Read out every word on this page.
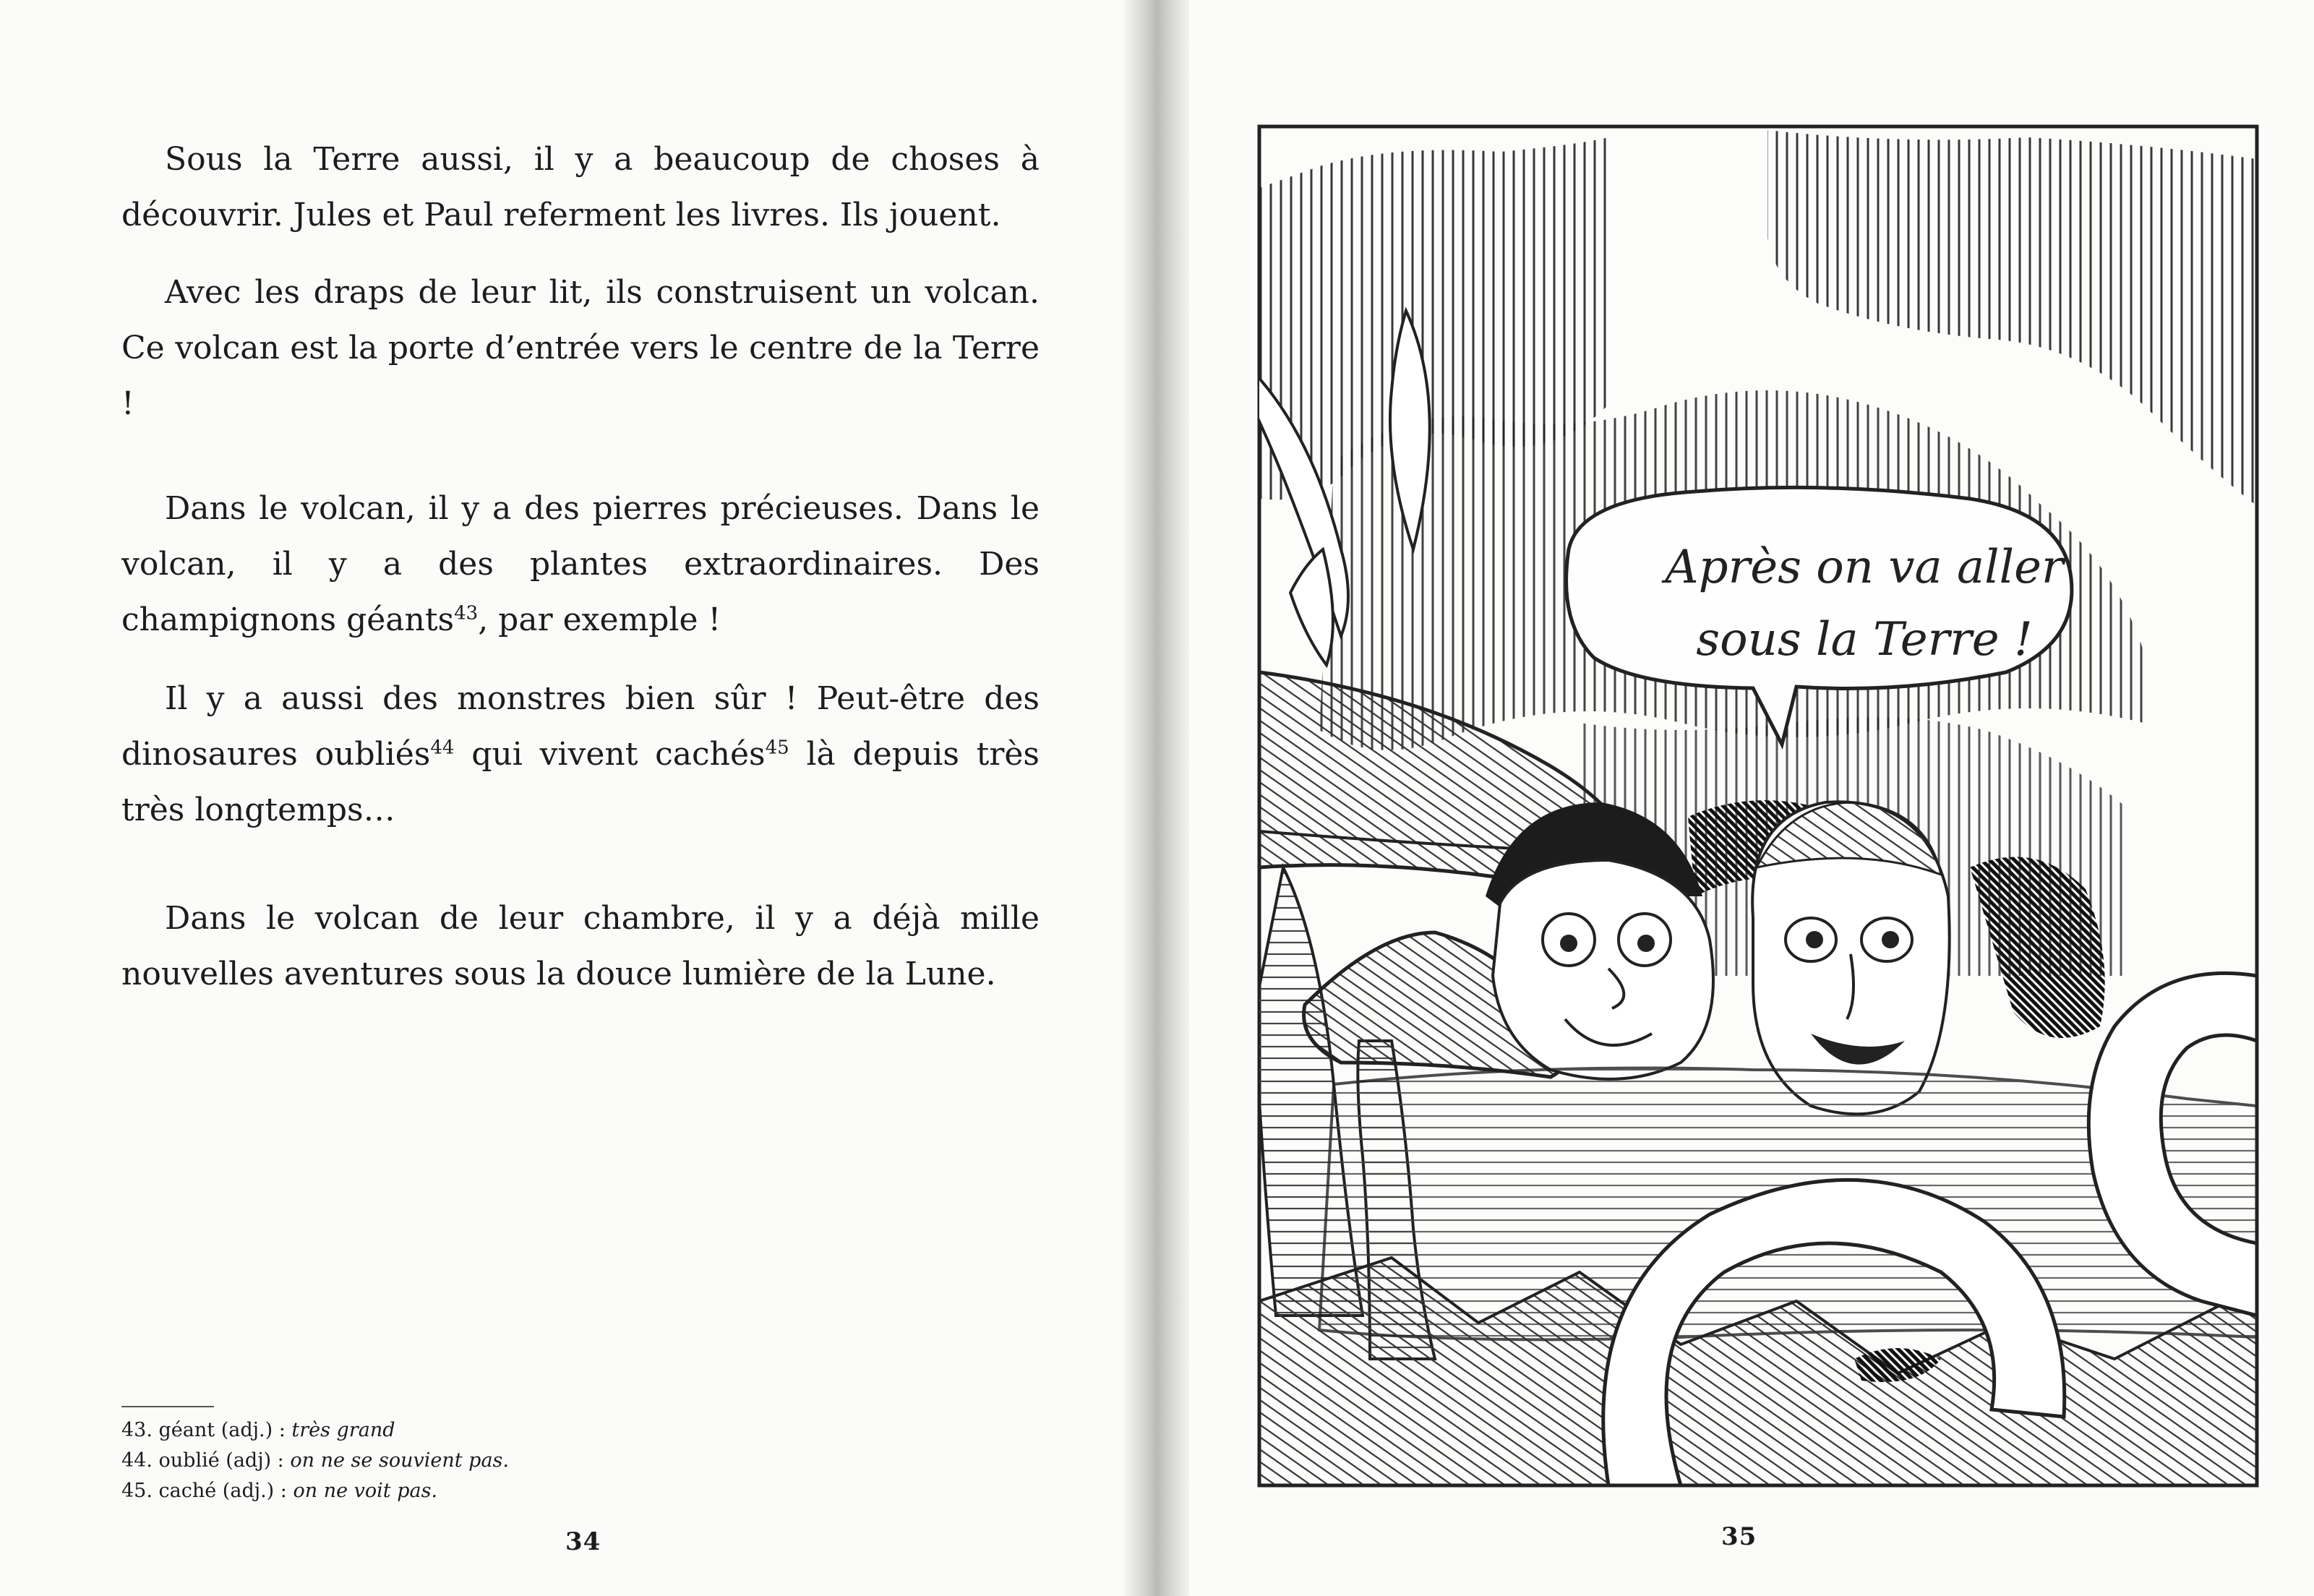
Sous la Terre aussi, il y a beaucoup de choses à découvrir. Jules et Paul referment les livres. Ils jouent.

Avec les draps de leur lit, ils construisent un volcan. Ce volcan est la porte d’entrée vers le centre de la Terre !

Dans le volcan, il y a des pierres précieuses. Dans le volcan, il y a des plantes extraordinaires. Des champignons géants$^{43}$, par exemple !

Il y a aussi des monstres bien sûr ! Peut-être des dinosaures oubliés$^{44}$ qui vivent cachés$^{45}$ là depuis très très longtemps…

Dans le volcan de leur chambre, il y a déjà mille nouvelles aventures sous la douce lumière de la Lune.

43. géant (adj.) : très grand

44. oublié (adj) : on ne se souvient pas.

45. caché (adj.) : on ne voit pas.

34
Après on va aller
sous la Terre !
35
